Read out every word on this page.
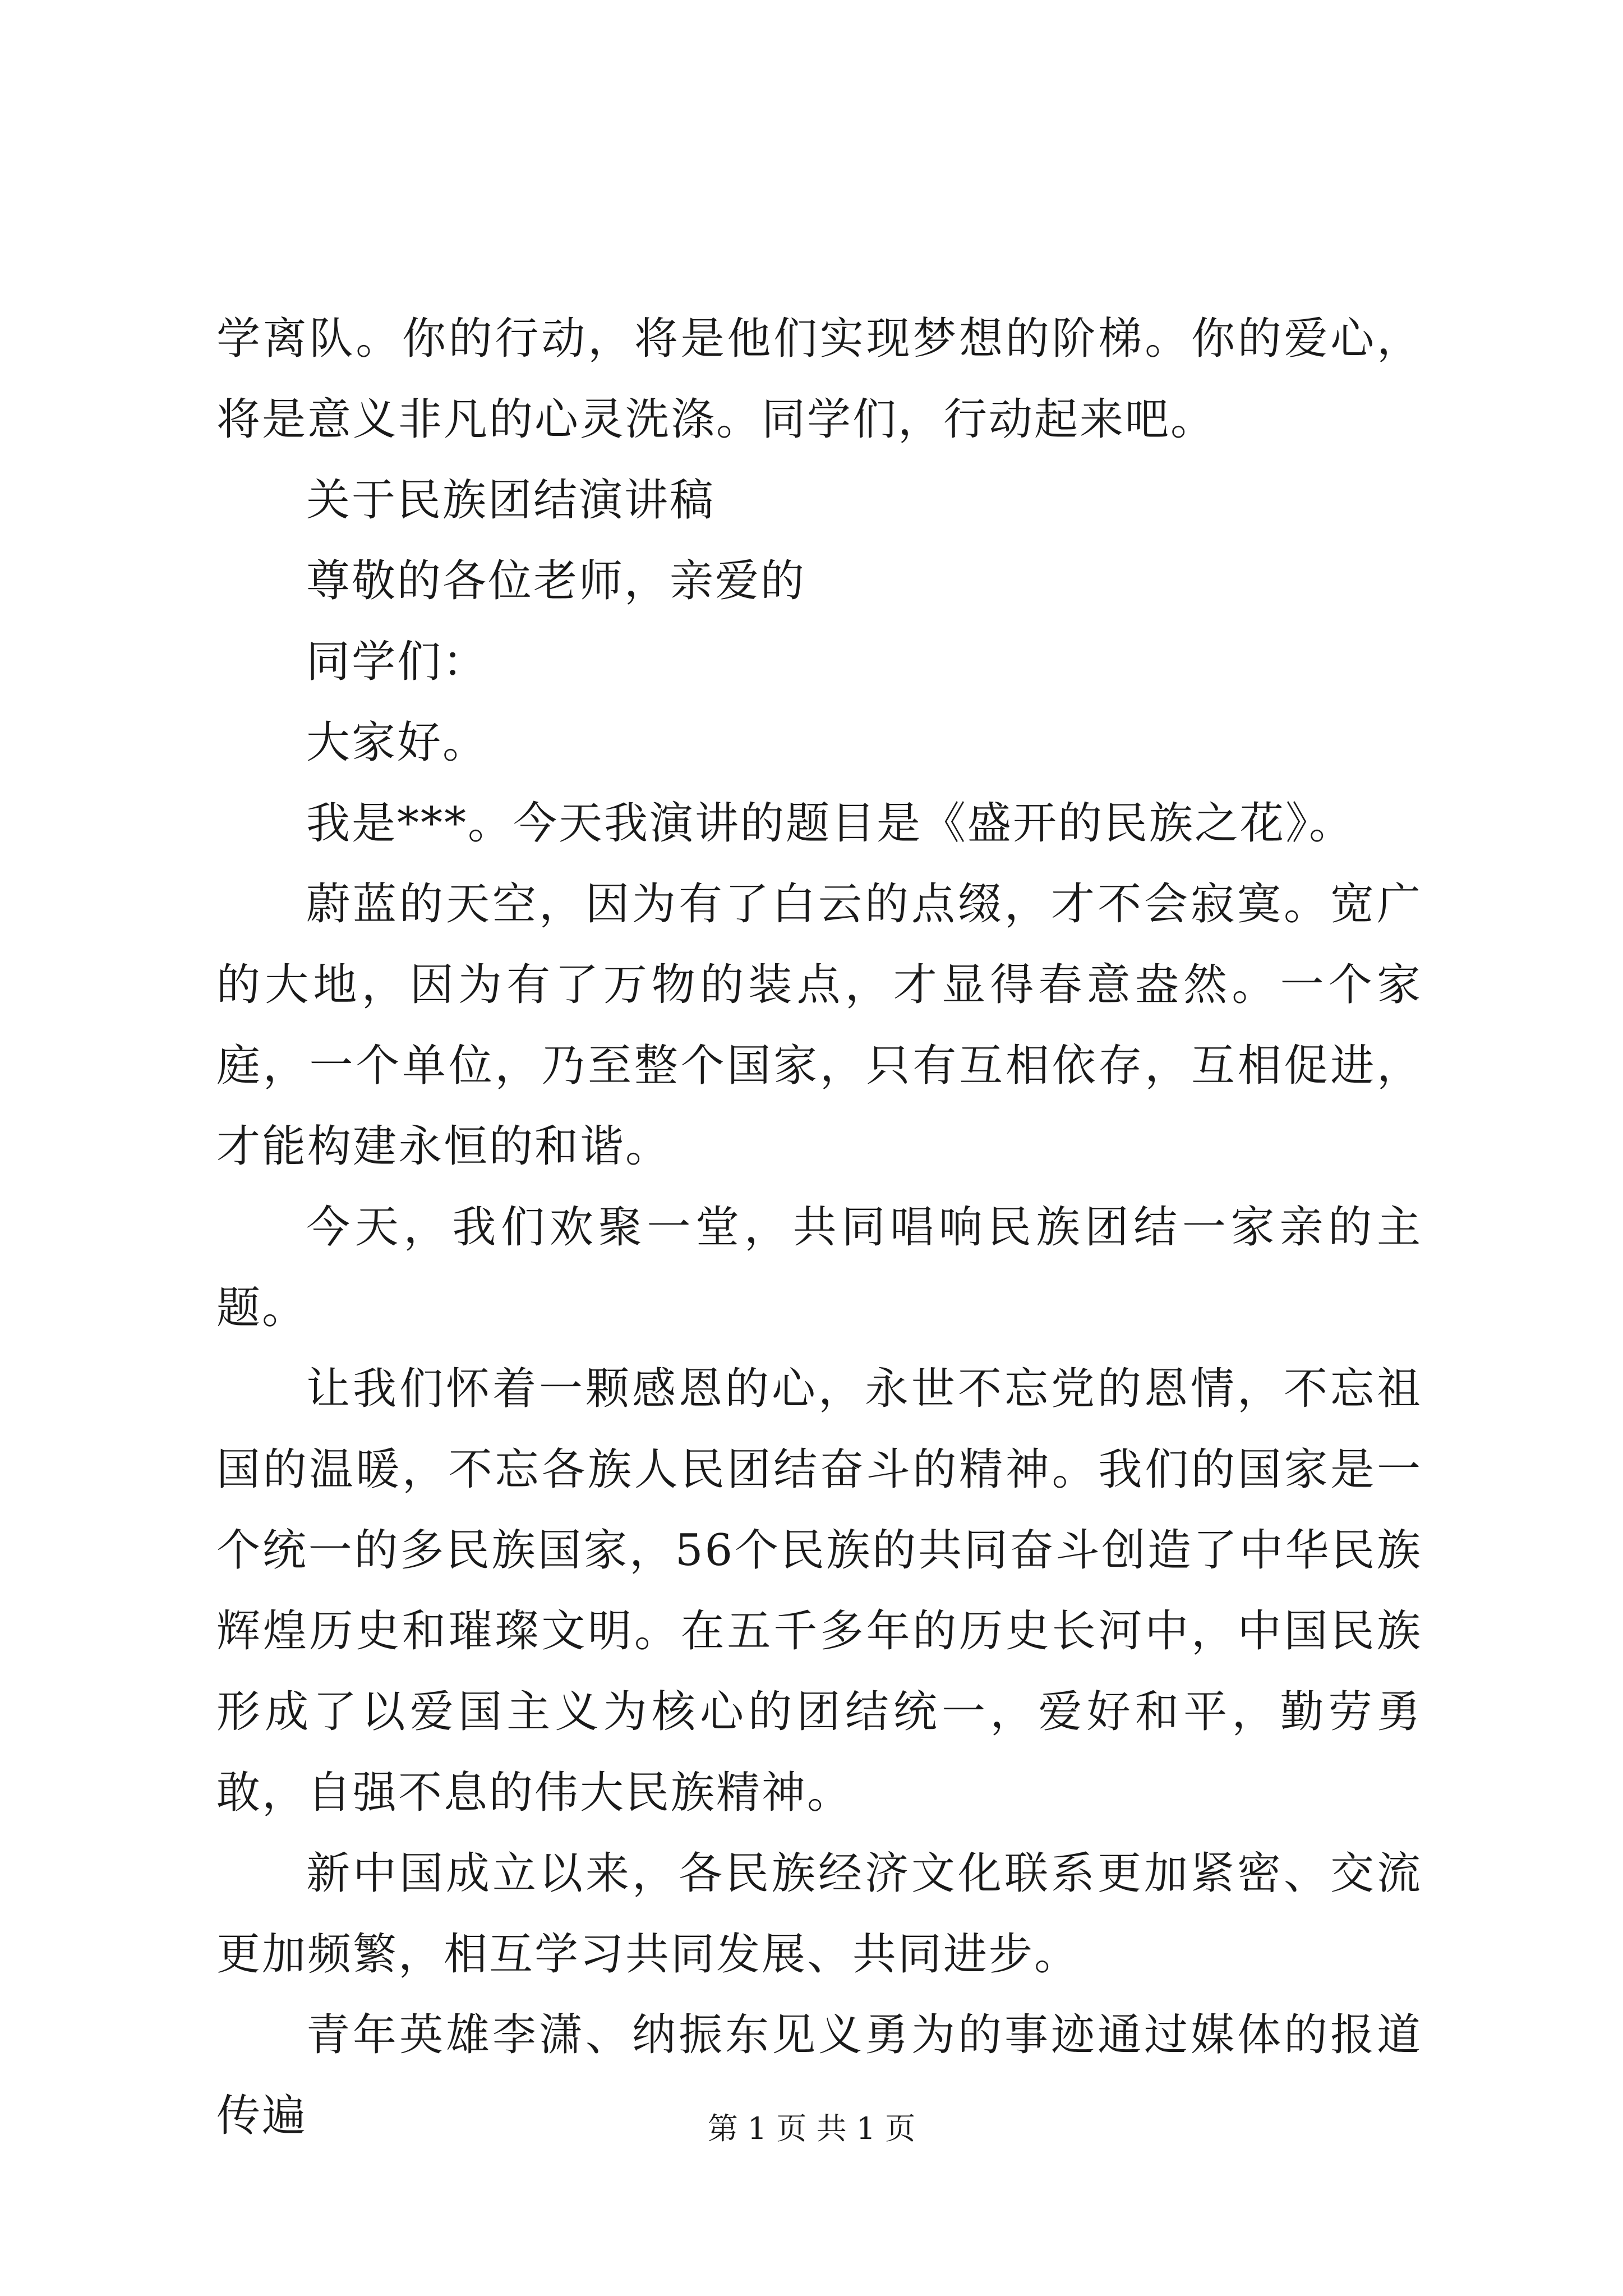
学离队。你的行动，将是他们实现梦想的阶梯。你的爱心，将是意义非凡的心灵洗涤。同学们，行动起来吧。

关于民族团结演讲稿

尊敬的各位老师，亲爱的

同学们：

大家好。

我是***。今天我演讲的题目是《盛开的民族之花》。

蔚蓝的天空，因为有了白云的点缀，才不会寂寞。宽广的大地，因为有了万物的装点，才显得春意盎然。一个家庭，一个单位，乃至整个国家，只有互相依存，互相促进，才能构建永恒的和谐。

今天，我们欢聚一堂，共同唱响民族团结一家亲的主题。

让我们怀着一颗感恩的心，永世不忘党的恩情，不忘祖国的温暖，不忘各族人民团结奋斗的精神。我们的国家是一个统一的多民族国家，56个民族的共同奋斗创造了中华民族辉煌历史和璀璨文明。在五千多年的历史长河中，中国民族形成了以爱国主义为核心的团结统一，爱好和平，勤劳勇敢，自强不息的伟大民族精神。

新中国成立以来，各民族经济文化联系更加紧密、交流更加频繁，相互学习共同发展、共同进步。

青年英雄李潇、纳振东见义勇为的事迹通过媒体的报道传遍	第 1 页 共 1 页
